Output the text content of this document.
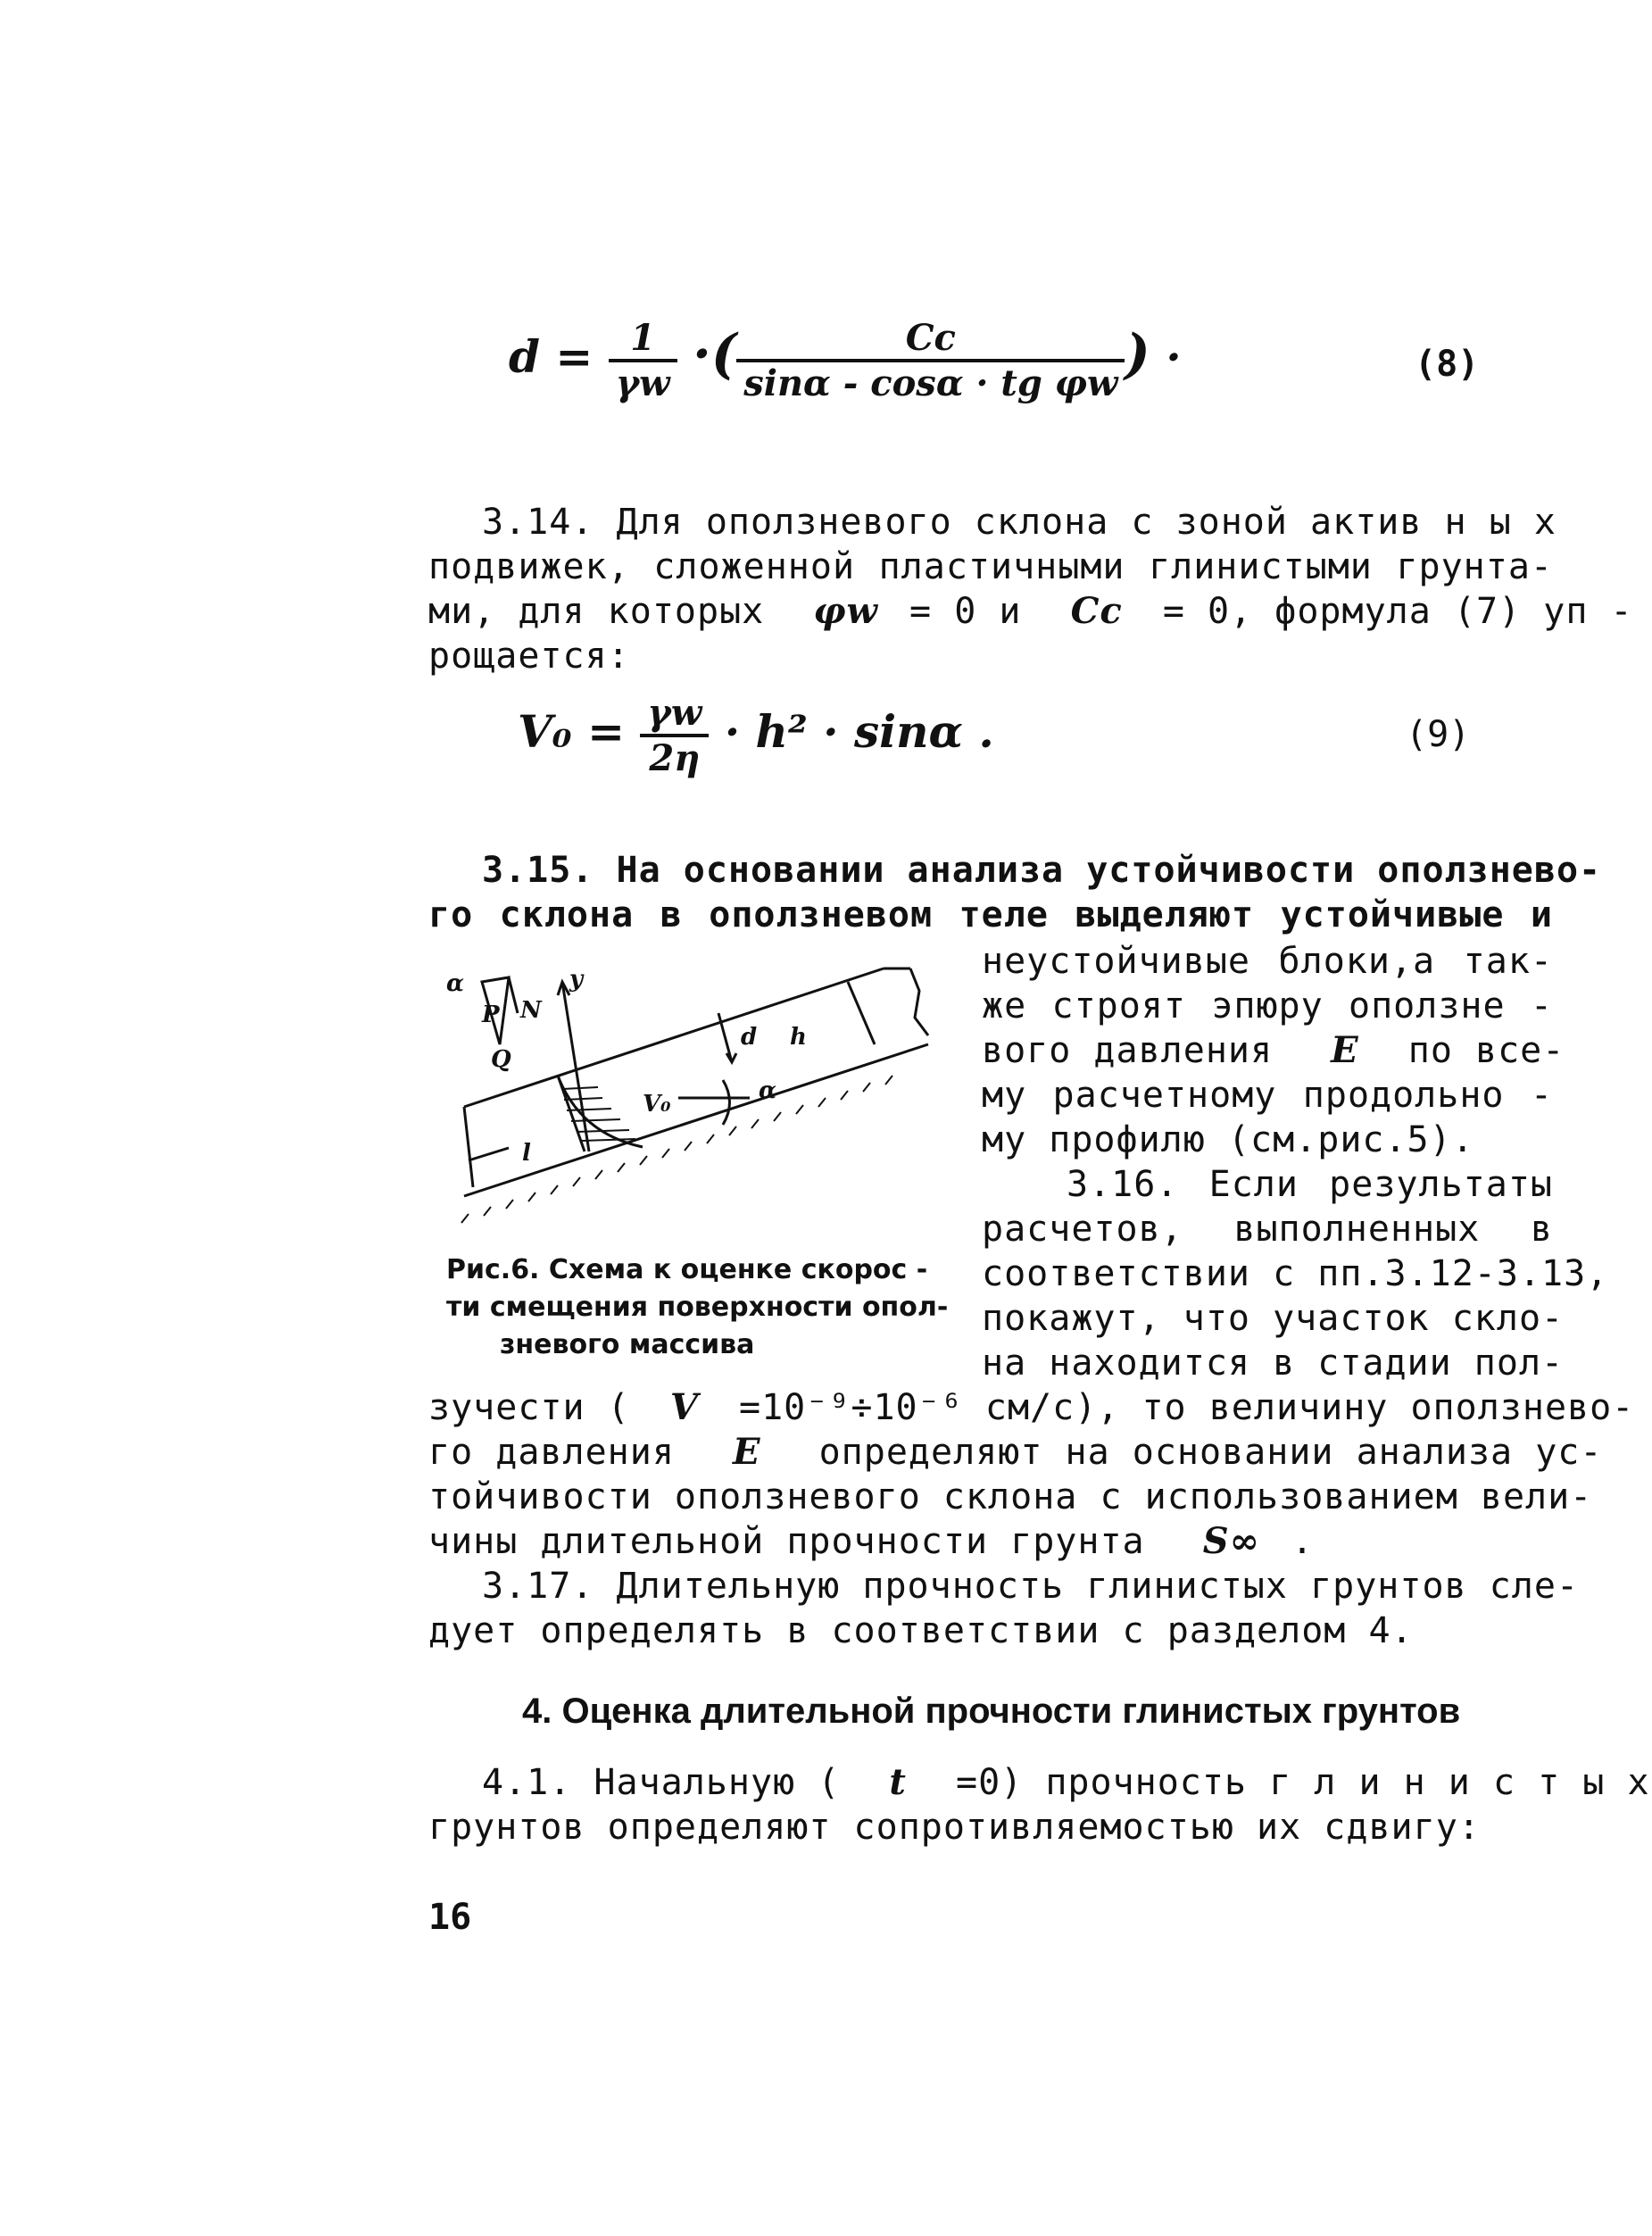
$d = \frac{1}{\gamma w}$ ·( $\frac{Cc}{\text{sinα - cosα · tg φw}}$ ) ·	(8)
3.14. Для оползневого склона с зоной актив н ы х
подвижек, сложенной пластичными глинистыми грунта-
ми, для которых φw = 0 и Cc = 0, формула (7) уп -
рощается:
$V_0 = \frac{\gamma w}{2\eta} \cdot h^2 \cdot \sin\alpha$ .	(9)
3.15. На основании анализа устойчивости оползнево-
го склона в оползневом теле выделяют устойчивые и
неустойчивые блоки,а так-
же строят эпюру оползне -
вого давления E по все-
му расчетному продольно -
му профилю (см.рис.5).
3.16. Если результаты
расчетов, выполненных в
соответствии с пп.3.12-3.13,
покажут, что участок скло-
на находится в стадии пол-
зучести ( V =10⁻⁹÷10⁻⁶ см/с), то величину оползнево-
го давления E определяют на основании анализа ус-
тойчивости оползневого склона с использованием вели-
чины длительной прочности грунта S∞ .
3.17. Длительную прочность глинистых грунтов сле-
дует определять в соответствии с разделом 4.
4. Оценка длительной прочности глинистых грунтов
4.1. Начальную ( t =0) прочность г л и н и с т ы х
грунтов определяют сопротивляемостью их сдвигу:
16
α
P N
Q
y
d
V₀
h
l
α
Рис.6. Схема к оценке скорос -
ти смещения поверхности опол-
зневого массива
